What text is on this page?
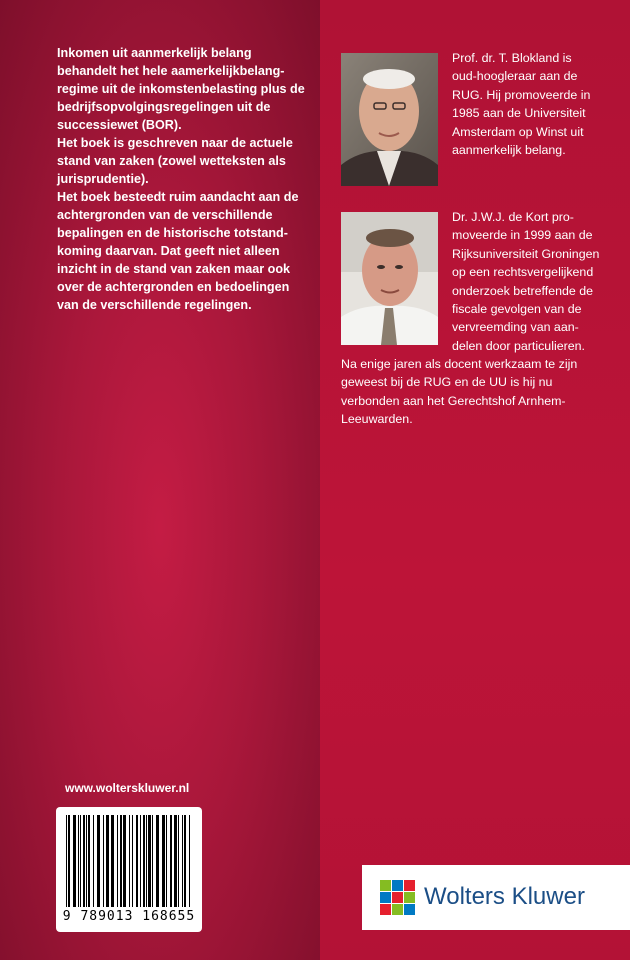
Inkomen uit aanmerkelijk belang behandelt het hele aamerkelijkbelang-regime uit de inkomstenbelasting plus de bedrijfsopvolgingsregelingen uit de successiewet (BOR).

Het boek is geschreven naar de actuele stand van zaken (zowel wetteksten als jurisprudentie).

Het boek besteedt ruim aandacht aan de achtergronden van de verschillende bepalingen en de historische totstand-koming daarvan. Dat geeft niet alleen inzicht in de stand van zaken maar ook over de achtergronden en bedoelingen van de verschillende regelingen.

Prof. dr. T. Blokland is
oud-hoogleraar aan de
RUG. Hij promoveerde in
1985 aan de Universiteit
Amsterdam op Winst uit
aanmerkelijk belang.
Dr. J.W.J. de Kort pro-
moveerde in 1999 aan de
Rijksuniversiteit Groningen
op een rechtsvergelijkend
onderzoek betreffende de
fiscale gevolgen van de
vervreemding van aan-
delen door particulieren.
Na enige jaren als docent werkzaam te zijn
geweest bij de RUG en de UU is hij nu
verbonden aan het Gerechtshof Arnhem-
Leeuwarden.
www.wolterskluwer.nl
9 789013 168655
Wolters Kluwer
